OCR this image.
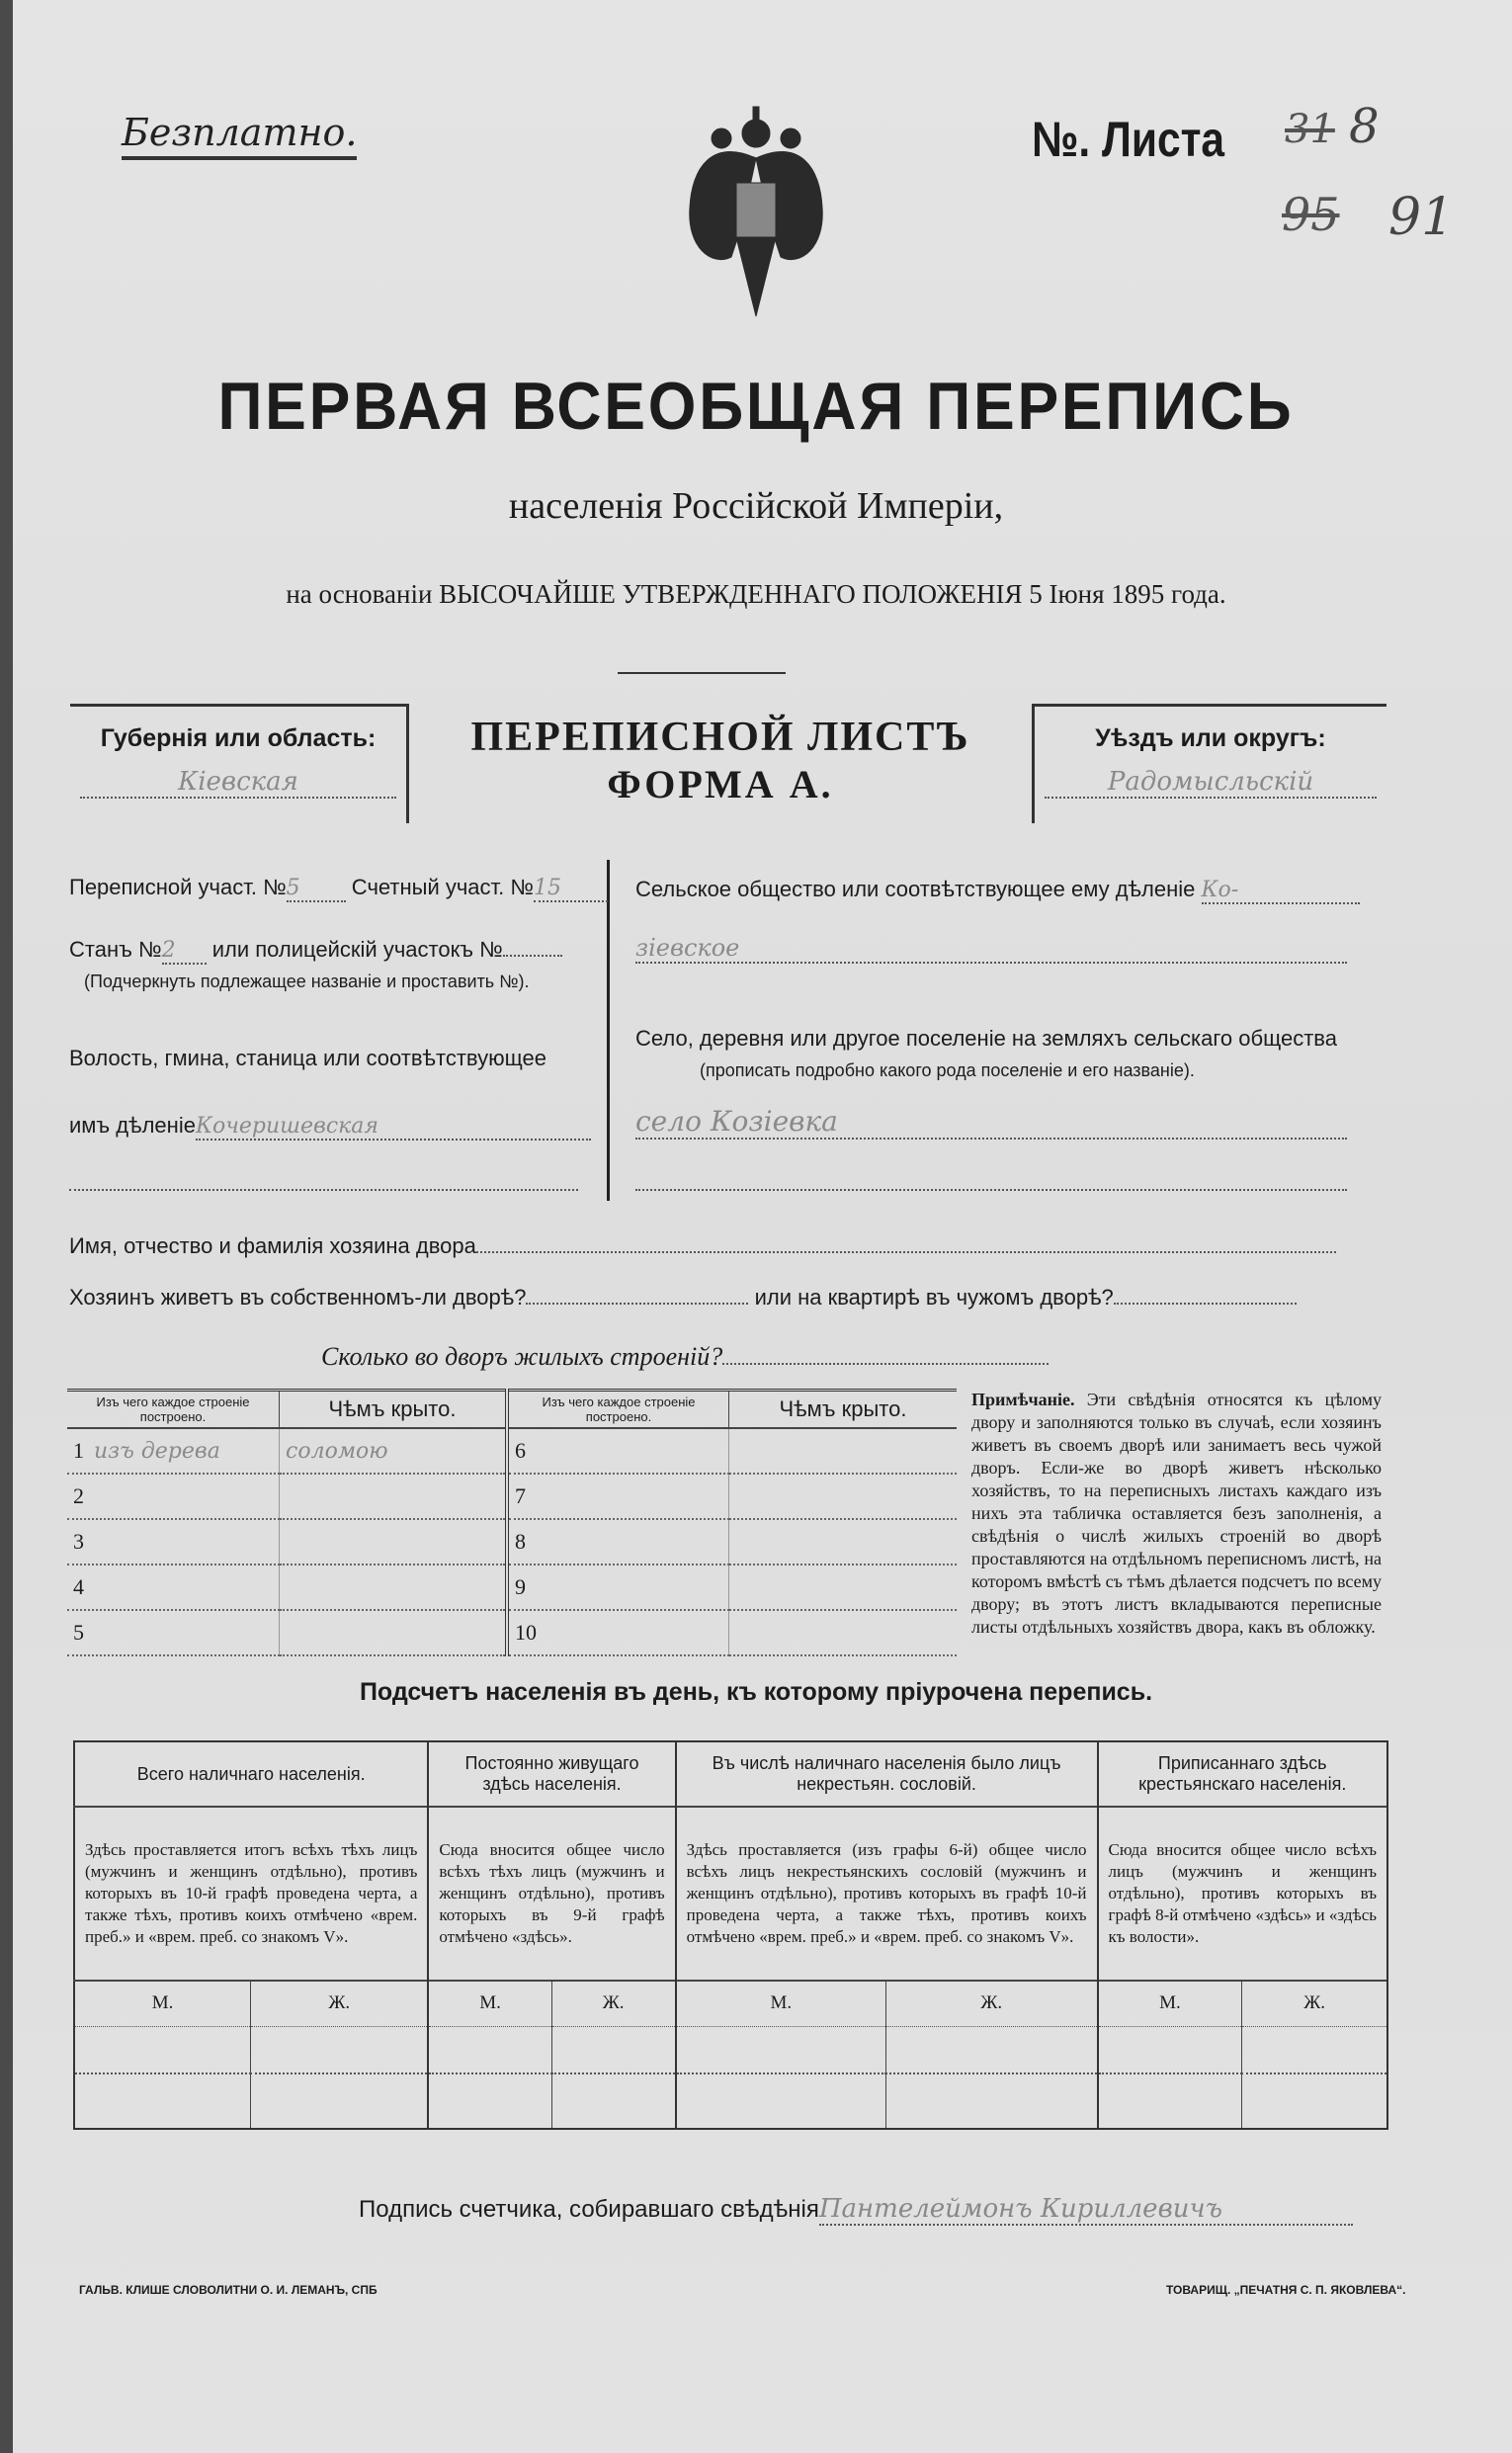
Безплатно.	№. Листа 31 8
95 91
ПЕРВАЯ ВСЕОБЩАЯ ПЕРЕПИСЬ
населенія Россійской Имперіи,
на основаніи ВЫСОЧАЙШЕ УТВЕРЖДЕННАГО ПОЛОЖЕНІЯ 5 Іюня 1895 года.
Губернія или область:
Кіевская
ПЕРЕПИСНОЙ ЛИСТЪ
ФОРМА А.
Уѣздъ или округъ:
Радомысльскій
Переписной участ. №5 Счетный участ. №15
Станъ №2 или полицейскій участокъ №
(Подчеркнуть подлежащее названіе и проставить №).
Волость, гмина, станица или соотвѣтствующее
имъ дѣленіеКочеришевская
Сельское общество или соотвѣтствующее ему дѣленіе Ко-
зіевское
Село, деревня или другое поселеніе на земляхъ сельскаго общества
(прописать подробно какого рода поселеніе и его названіе).
село Козіевка
Имя, отчество и фамилія хозяина двора
Хозяинъ живетъ въ собственномъ-ли дворѣ?	или на квартирѣ въ чужомъ дворѣ?
Сколько во дворъ жилыхъ строеній?
Изъ чего каждое строеніе построено.	Чѣмъ крыто.	Изъ чего каждое строеніе построено.	Чѣмъ крыто.
1 изъ дерева	соломою	6	
2		7	
3		8	
4		9	
5		10	
Примѣчаніе. Эти свѣдѣнія относятся къ цѣлому двору и заполняются только въ случаѣ, если хозяинъ живетъ въ своемъ дворѣ или занимаетъ весь чужой дворъ. Если-же во дворѣ живетъ нѣсколько хозяйствъ, то на переписныхъ листахъ каждаго изъ нихъ эта табличка оставляется безъ заполненія, а свѣдѣнія о числѣ жилыхъ строеній во дворѣ проставляются на отдѣльномъ переписномъ листѣ, на которомъ вмѣстѣ съ тѣмъ дѣлается подсчетъ по всему двору; въ этотъ листъ вкладываются переписные листы отдѣльныхъ хозяйствъ двора, какъ въ обложку.
Подсчетъ населенія въ день, къ которому пріурочена перепись.
Всего наличнаго населенія.		Постоянно живущаго здѣсь населенія.		Въ числѣ наличнаго населенія было лицъ некрестьян. сословій.		Приписаннаго здѣсь крестьянскаго населенія.	
Здѣсь проставляется итогъ всѣхъ тѣхъ лицъ (мужчинъ и женщинъ отдѣльно), противъ которыхъ въ 10-й графѣ проведена черта, а также тѣхъ, противъ коихъ отмѣчено «врем. преб.» и «врем. преб. со знакомъ V».		Сюда вносится общее число всѣхъ тѣхъ лицъ (мужчинъ и женщинъ отдѣльно), противъ которыхъ въ 9-й графѣ отмѣчено «здѣсь».		Здѣсь проставляется (изъ графы 6-й) общее число всѣхъ лицъ некрестьянскихъ сословій (мужчинъ и женщинъ отдѣльно), противъ которыхъ въ графѣ 10-й проведена черта, а также тѣхъ, противъ коихъ отмѣчено «врем. преб.» и «врем. преб. со знакомъ V».		Сюда вносится общее число всѣхъ лицъ (мужчинъ и женщинъ отдѣльно), противъ которыхъ въ графѣ 8-й отмѣчено «здѣсь» и «здѣсь къ волости».	
М.	Ж.	М.	Ж.	М.	Ж.	М.	Ж.

Подпись счетчика, собиравшаго свѣдѣніяПантелеймонъ Кириллевичъ
ГАЛЬВ. КЛИШЕ СЛОВОЛИТНИ О. И. ЛЕМАНЪ, СПБ	ТОВАРИЩ. „ПЕЧАТНЯ С. П. ЯКОВЛЕВА“.
